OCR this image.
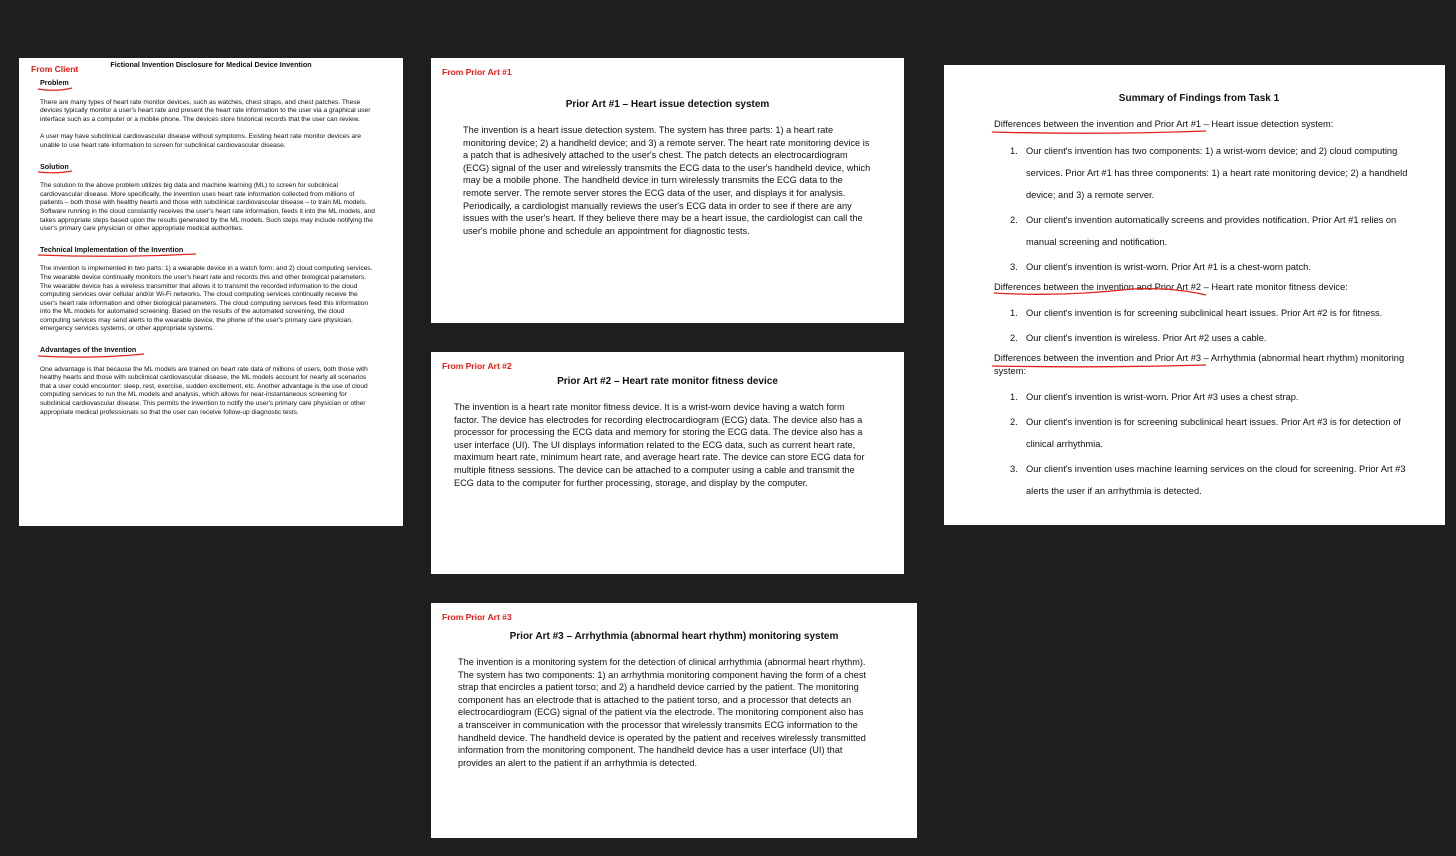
From Client	Fictional Invention Disclosure for Medical Device Invention
Problem

There are many types of heart rate monitor devices, such as watches, chest straps, and chest patches. These devices typically monitor a user's heart rate and present the heart rate information to the user via a graphical user interface such as a computer or a mobile phone. The devices store historical records that the user can review.

A user may have subclinical cardiovascular disease without symptoms. Existing heart rate monitor devices are unable to use heart rate information to screen for subclinical cardiovascular disease.

Solution

The solution to the above problem utilizes big data and machine learning (ML) to screen for subclinical cardiovascular disease. More specifically, the invention uses heart rate information collected from millions of patients – both those with healthy hearts and those with subclinical cardiovascular disease – to train ML models. Software running in the cloud constantly receives the user's heart rate information, feeds it into the ML models, and takes appropriate steps based upon the results generated by the ML models. Such steps may include notifying the user's primary care physician or other appropriate medical authorities.

Technical Implementation of the Invention

The invention is implemented in two parts: 1) a wearable device in a watch form; and 2) cloud computing services. The wearable device continually monitors the user's heart rate and records this and other biological parameters. The wearable device has a wireless transmitter that allows it to transmit the recorded information to the cloud computing services over cellular and/or Wi-Fi networks. The cloud computing services continually receive the user's heart rate information and other biological parameters. The cloud computing services feed this information into the ML models for automated screening. Based on the results of the automated screening, the cloud computing services may send alerts to the wearable device, the phone of the user's primary care physician, emergency services systems, or other appropriate systems.

Advantages of the Invention

One advantage is that because the ML models are trained on heart rate data of millions of users, both those with healthy hearts and those with subclinical cardiovascular disease, the ML models account for nearly all scenarios that a user could encounter: sleep, rest, exercise, sudden excitement, etc. Another advantage is the use of cloud computing services to run the ML models and analysis, which allows for near-instantaneous screening for subclinical cardiovascular disease. This permits the invention to notify the user's primary care physician or other appropriate medical professionals so that the user can receive follow-up diagnostic tests.

From Prior Art #1
Prior Art #1 – Heart issue detection system

The invention is a heart issue detection system. The system has three parts: 1) a heart rate monitoring device; 2) a handheld device; and 3) a remote server. The heart rate monitoring device is a patch that is adhesively attached to the user's chest. The patch detects an electrocardiogram (ECG) signal of the user and wirelessly transmits the ECG data to the user's handheld device, which may be a mobile phone. The handheld device in turn wirelessly transmits the ECG data to the remote server. The remote server stores the ECG data of the user, and displays it for analysis. Periodically, a cardiologist manually reviews the user's ECG data in order to see if there are any issues with the user's heart. If they believe there may be a heart issue, the cardiologist can call the user's mobile phone and schedule an appointment for diagnostic tests.

From Prior Art #2
Prior Art #2 – Heart rate monitor fitness device

The invention is a heart rate monitor fitness device. It is a wrist-worn device having a watch form factor. The device has electrodes for recording electrocardiogram (ECG) data. The device also has a processor for processing the ECG data and memory for storing the ECG data. The device also has a user interface (UI). The UI displays information related to the ECG data, such as current heart rate, maximum heart rate, minimum heart rate, and average heart rate. The device can store ECG data for multiple fitness sessions. The device can be attached to a computer using a cable and transmit the ECG data to the computer for further processing, storage, and display by the computer.

From Prior Art #3
Prior Art #3 – Arrhythmia (abnormal heart rhythm) monitoring system

The invention is a monitoring system for the detection of clinical arrhythmia (abnormal heart rhythm). The system has two components: 1) an arrhythmia monitoring component having the form of a chest strap that encircles a patient torso; and 2) a handheld device carried by the patient. The monitoring component has an electrode that is attached to the patient torso, and a processor that detects an electrocardiogram (ECG) signal of the patient via the electrode. The monitoring component also has a transceiver in communication with the processor that wirelessly transmits ECG information to the handheld device. The handheld device is operated by the patient and receives wirelessly transmitted information from the monitoring component. The handheld device has a user interface (UI) that provides an alert to the patient if an arrhythmia is detected.

Summary of Findings from Task 1
Differences between the invention and Prior Art #1
– Heart issue detection system:
1. Our client's invention has two components: 1) a wrist-worn device; and 2) cloud computing services. Prior Art #1 has three components: 1) a heart rate monitoring device; 2) a handheld device; and 3) a remote server.
2. Our client's invention automatically screens and provides notification. Prior Art #1 relies on manual screening and notification.
3. Our client's invention is wrist-worn. Prior Art #1 is a chest-worn patch.
Differences between the invention and Prior Art #2
– Heart rate monitor fitness device:
1. Our client's invention is for screening subclinical heart issues. Prior Art #2 is for fitness.
2. Our client's invention is wireless. Prior Art #2 uses a cable.
Differences between the invention and Prior Art #3
– Arrhythmia (abnormal heart rhythm) monitoring system:
1. Our client's invention is wrist-worn. Prior Art #3 uses a chest strap.
2. Our client's invention is for screening subclinical heart issues. Prior Art #3 is for detection of clinical arrhythmia.
3. Our client's invention uses machine learning services on the cloud for screening. Prior Art #3 alerts the user if an arrhythmia is detected.
